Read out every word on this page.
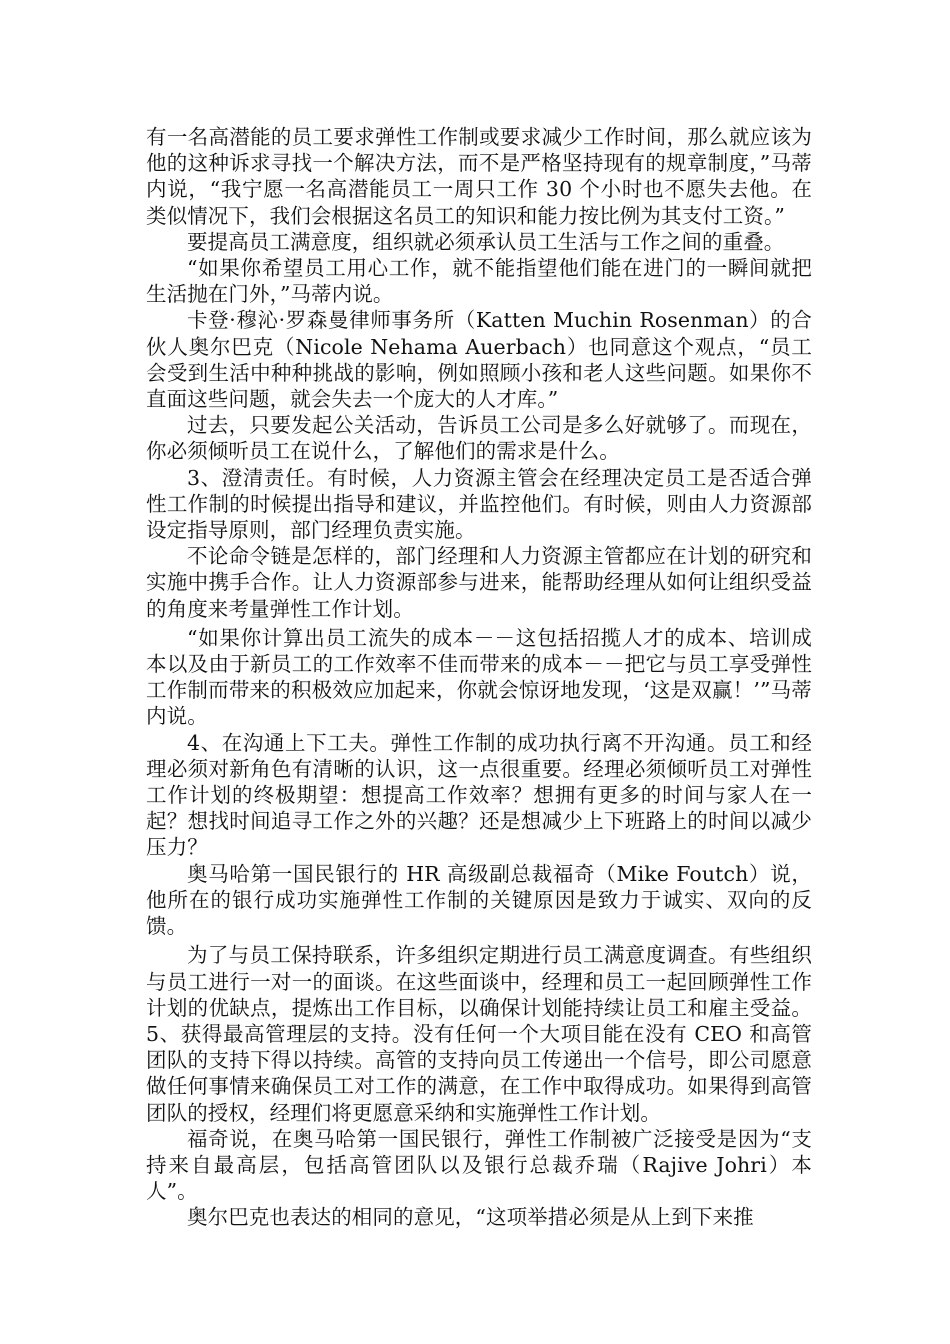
有一名高潜能的员工要求弹性工作制或要求减少工作时间，那么就应该为他的这种诉求寻找一个解决方法，而不是严格坚持现有的规章制度，”马蒂内说，“我宁愿一名高潜能员工一周只工作 30 个小时也不愿失去他。在类似情况下，我们会根据这名员工的知识和能力按比例为其支付工资。”

要提高员工满意度，组织就必须承认员工生活与工作之间的重叠。

“如果你希望员工用心工作，就不能指望他们能在进门的一瞬间就把生活抛在门外，”马蒂内说。

卡登·穆沁·罗森曼律师事务所（Katten Muchin Rosenman）的合伙人奥尔巴克（Nicole Nehama Auerbach）也同意这个观点，“员工会受到生活中种种挑战的影响，例如照顾小孩和老人这些问题。如果你不直面这些问题，就会失去一个庞大的人才库。”

过去，只要发起公关活动，告诉员工公司是多么好就够了。而现在，你必须倾听员工在说什么，了解他们的需求是什么。

3、澄清责任。有时候，人力资源主管会在经理决定员工是否适合弹性工作制的时候提出指导和建议，并监控他们。有时候，则由人力资源部设定指导原则，部门经理负责实施。

不论命令链是怎样的，部门经理和人力资源主管都应在计划的研究和实施中携手合作。让人力资源部参与进来，能帮助经理从如何让组织受益的角度来考量弹性工作计划。

“如果你计算出员工流失的成本－－这包括招揽人才的成本、培训成本以及由于新员工的工作效率不佳而带来的成本－－把它与员工享受弹性工作制而带来的积极效应加起来，你就会惊讶地发现，‘这是双赢！’”马蒂内说。

4、在沟通上下工夫。弹性工作制的成功执行离不开沟通。员工和经理必须对新角色有清晰的认识，这一点很重要。经理必须倾听员工对弹性工作计划的终极期望：想提高工作效率？想拥有更多的时间与家人在一起？想找时间追寻工作之外的兴趣？还是想减少上下班路上的时间以减少压力？

奥马哈第一国民银行的 HR 高级副总裁福奇（Mike Foutch）说，他所在的银行成功实施弹性工作制的关键原因是致力于诚实、双向的反馈。

为了与员工保持联系，许多组织定期进行员工满意度调查。有些组织与员工进行一对一的面谈。在这些面谈中，经理和员工一起回顾弹性工作计划的优缺点，提炼出工作目标，以确保计划能持续让员工和雇主受益。5、获得最高管理层的支持。没有任何一个大项目能在没有 CEO 和高管团队的支持下得以持续。高管的支持向员工传递出一个信号，即公司愿意做任何事情来确保员工对工作的满意，在工作中取得成功。如果得到高管团队的授权，经理们将更愿意采纳和实施弹性工作计划。

福奇说，在奥马哈第一国民银行，弹性工作制被广泛接受是因为“支持来自最高层，包括高管团队以及银行总裁乔瑞（Rajive Johri）本人”。

奥尔巴克也表达的相同的意见，“这项举措必须是从上到下来推
